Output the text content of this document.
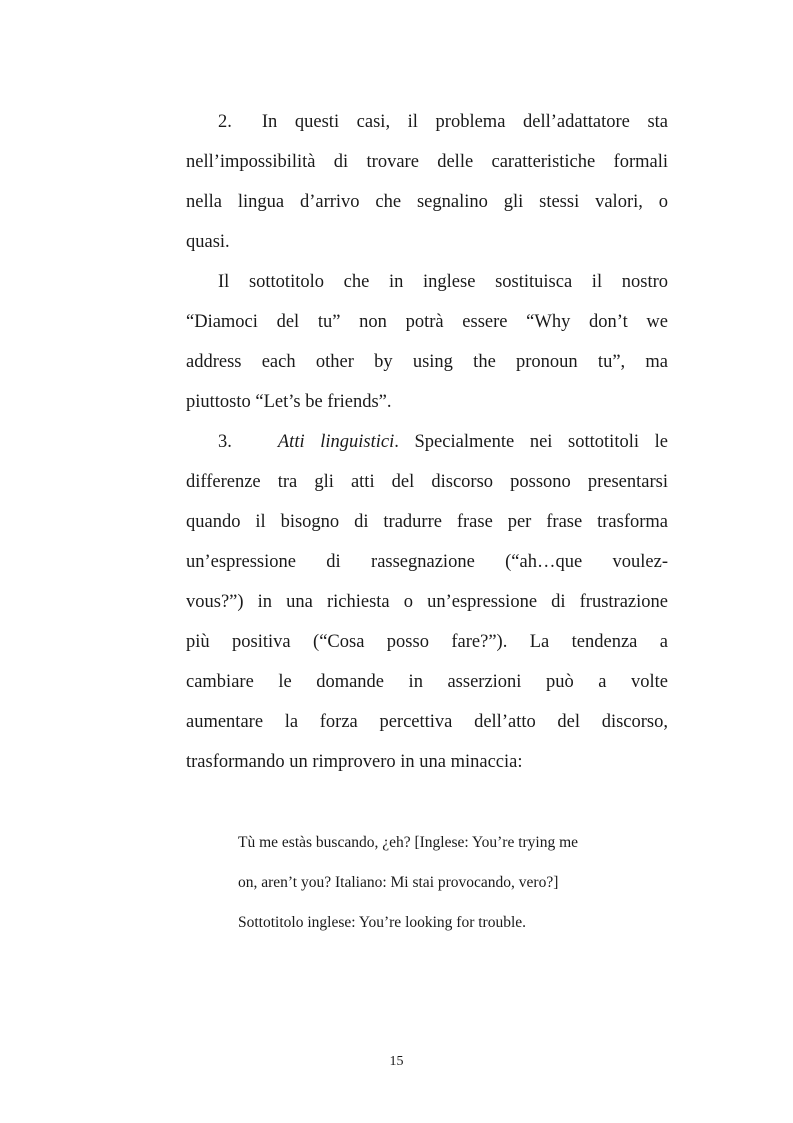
2. In questi casi, il problema dell’adattatore sta
nell’impossibilità di trovare delle caratteristiche formali
nella lingua d’arrivo che segnalino gli stessi valori, o
quasi.
Il sottotitolo che in inglese sostituisca il nostro
“Diamoci del tu” non potrà essere “Why don’t we
address each other by using the pronoun tu”, ma
piuttosto “Let’s be friends”.
3. Atti linguistici. Specialmente nei sottotitoli le
differenze tra gli atti del discorso possono presentarsi
quando il bisogno di tradurre frase per frase trasforma
un’espressione di rassegnazione (“ah…que voulez-
vous?”) in una richiesta o un’espressione di frustrazione
più positiva (“Cosa posso fare?”). La tendenza a
cambiare le domande in asserzioni può a volte
aumentare la forza percettiva dell’atto del discorso,
trasformando un rimprovero in una minaccia:
Tù me estàs buscando, ¿eh? [Inglese: You’re trying me
on, aren’t you? Italiano: Mi stai provocando, vero?]
Sottotitolo inglese: You’re looking for trouble.
15
